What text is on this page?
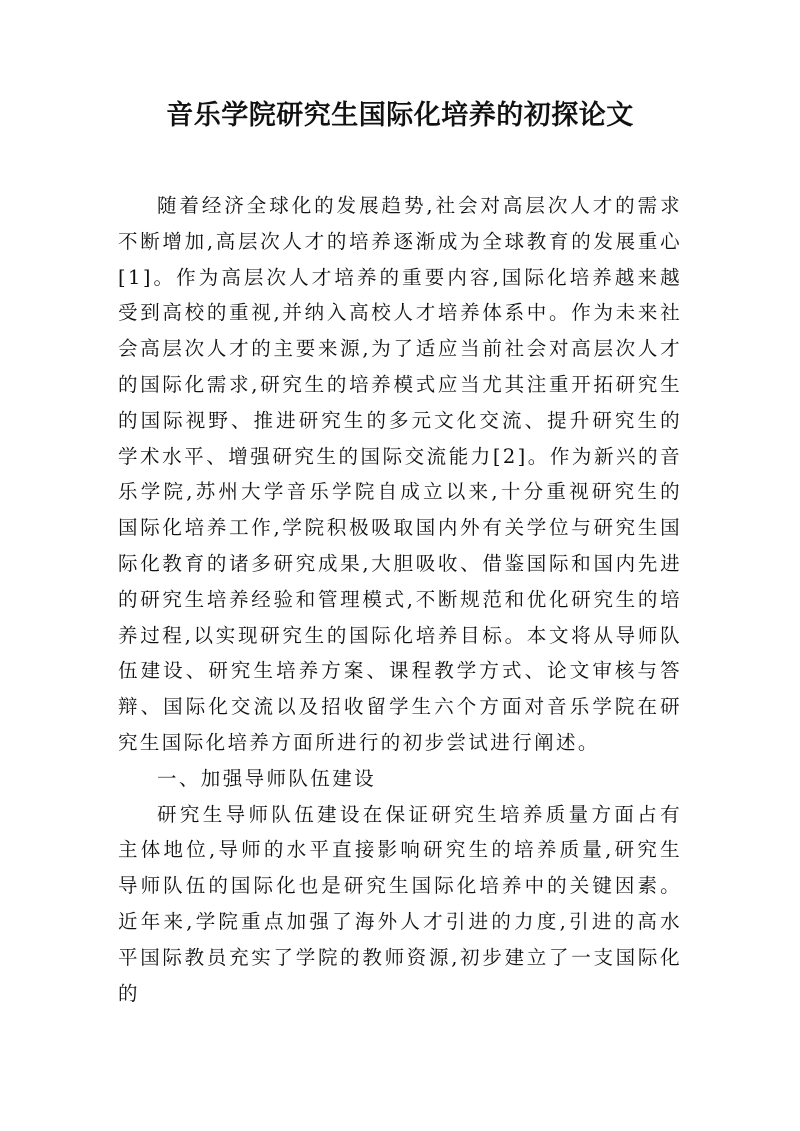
音乐学院研究生国际化培养的初探论文

随着经济全球化的发展趋势,社会对高层次人才的需求不断增加,高层次人才的培养逐渐成为全球教育的发展重心[1]。作为高层次人才培养的重要内容,国际化培养越来越受到高校的重视,并纳入高校人才培养体系中。作为未来社会高层次人才的主要来源,为了适应当前社会对高层次人才的国际化需求,研究生的培养模式应当尤其注重开拓研究生的国际视野、推进研究生的多元文化交流、提升研究生的学术水平、增强研究生的国际交流能力[2]。作为新兴的音乐学院,苏州大学音乐学院自成立以来,十分重视研究生的国际化培养工作,学院积极吸取国内外有关学位与研究生国际化教育的诸多研究成果,大胆吸收、借鉴国际和国内先进的研究生培养经验和管理模式,不断规范和优化研究生的培养过程,以实现研究生的国际化培养目标。本文将从导师队伍建设、研究生培养方案、课程教学方式、论文审核与答辩、国际化交流以及招收留学生六个方面对音乐学院在研究生国际化培养方面所进行的初步尝试进行阐述。

一、加强导师队伍建设

研究生导师队伍建设在保证研究生培养质量方面占有主体地位,导师的水平直接影响研究生的培养质量,研究生导师队伍的国际化也是研究生国际化培养中的关键因素。近年来,学院重点加强了海外人才引进的力度,引进的高水平国际教员充实了学院的教师资源,初步建立了一支国际化的
